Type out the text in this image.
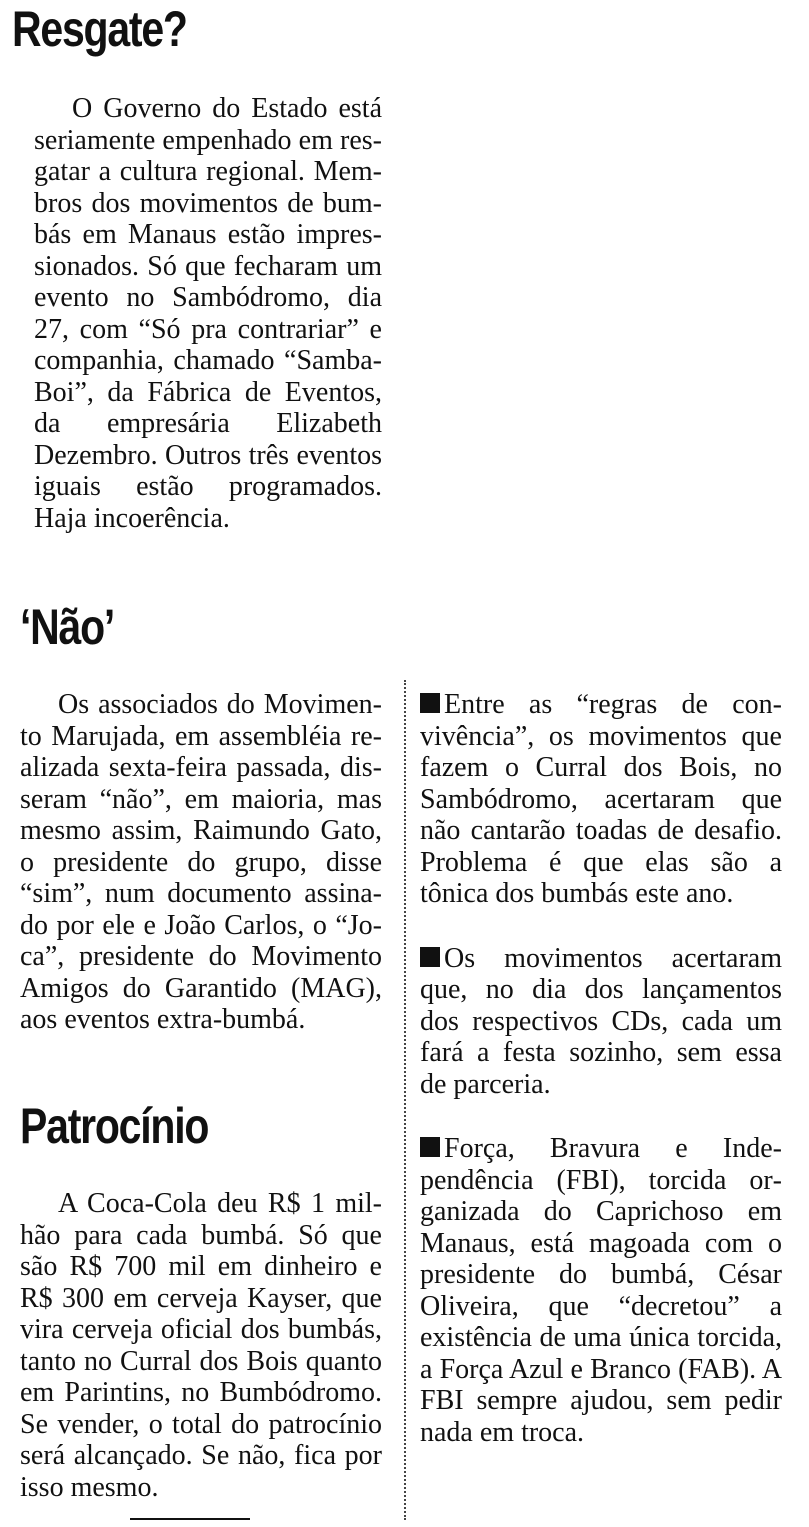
Resgate?

O Governo do Estado está seriamente empenhado em resgatar a cultura regional. Membros dos movimentos de bumbás em Manaus estão impressionados. Só que fecharam um evento no Sambódromo, dia 27, com “Só pra contrariar” e companhia, chamado “Samba-Boi”, da Fábrica de Eventos, da empresária Elizabeth Dezembro. Outros três eventos iguais estão programados. Haja incoerência.

‘Não’

Os associados do Movimento Marujada, em assembléia realizada sexta-feira passada, disseram “não”, em maioria, mas mesmo assim, Raimundo Gato, o presidente do grupo, disse “sim”, num documento assinado por ele e João Carlos, o “Joca”, presidente do Movimento Amigos do Garantido (MAG), aos eventos extra-bumbá.

Patrocínio

A Coca-Cola deu R$ 1 milhão para cada bumbá. Só que são R$ 700 mil em dinheiro e R$ 300 em cerveja Kayser, que vira cerveja oficial dos bumbás, tanto no Curral dos Bois quanto em Parintins, no Bumbódromo. Se vender, o total do patrocínio será alcançado. Se não, fica por isso mesmo.

Entre as “regras de convivência”, os movimentos que fazem o Curral dos Bois, no Sambódromo, acertaram que não cantarão toadas de desafio. Problema é que elas são a tônica dos bumbás este ano.

Os movimentos acertaram que, no dia dos lançamentos dos respectivos CDs, cada um fará a festa sozinho, sem essa de parceria.

Força, Bravura e Independência (FBI), torcida organizada do Caprichoso em Manaus, está magoada com o presidente do bumbá, César Oliveira, que “decretou” a existência de uma única torcida, a Força Azul e Branco (FAB). A FBI sempre ajudou, sem pedir nada em troca.
